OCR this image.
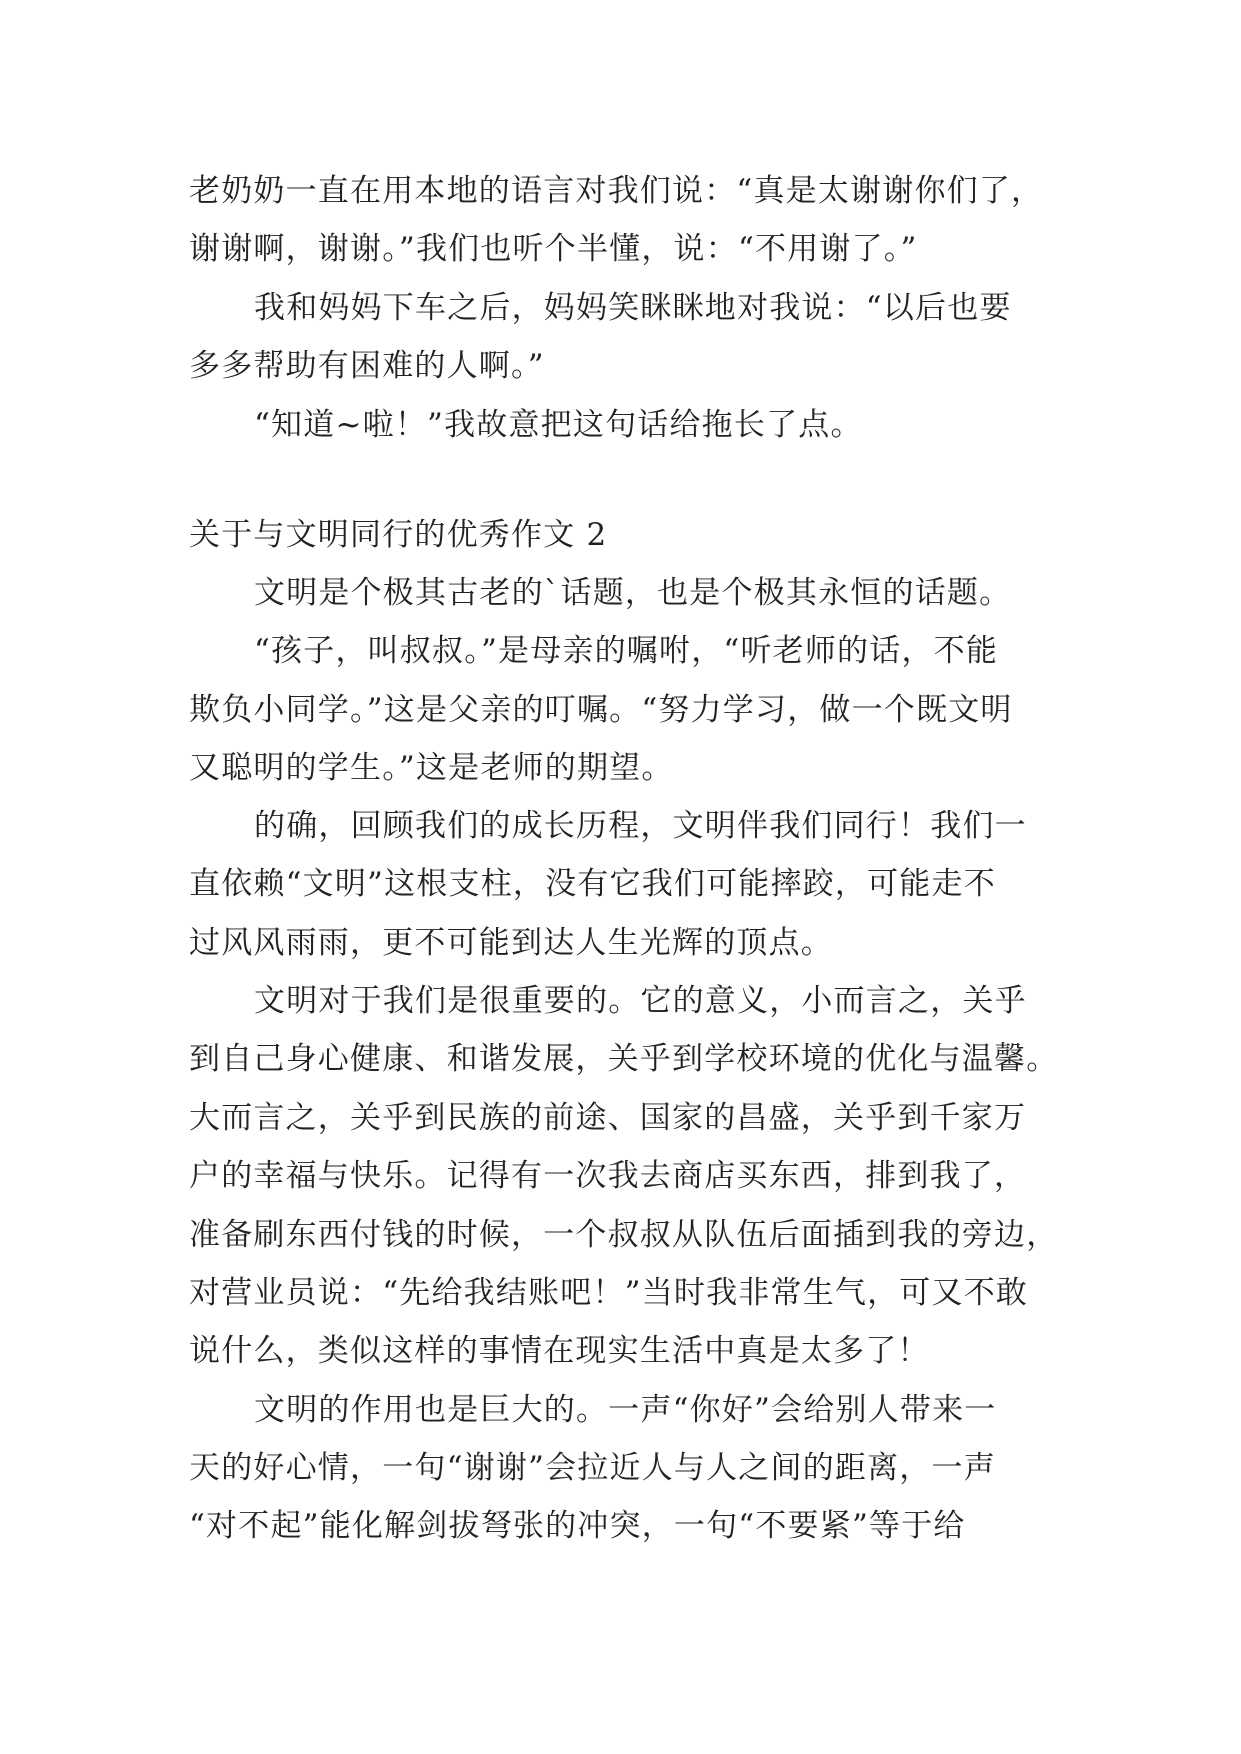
老奶奶一直在用本地的语言对我们说：“真是太谢谢你们了，
谢谢啊，谢谢。”我们也听个半懂，说：“不用谢了。”
我和妈妈下车之后，妈妈笑眯眯地对我说：“以后也要
多多帮助有困难的人啊。”
“知道~啦！”我故意把这句话给拖长了点。
关于与文明同行的优秀作文 2
文明是个极其古老的`话题，也是个极其永恒的话题。
“孩子，叫叔叔。”是母亲的嘱咐，“听老师的话，不能
欺负小同学。”这是父亲的叮嘱。“努力学习，做一个既文明
又聪明的学生。”这是老师的期望。
的确，回顾我们的成长历程，文明伴我们同行！我们一
直依赖“文明”这根支柱，没有它我们可能摔跤，可能走不
过风风雨雨，更不可能到达人生光辉的顶点。
文明对于我们是很重要的。它的意义，小而言之，关乎
到自己身心健康、和谐发展，关乎到学校环境的优化与温馨。
大而言之，关乎到民族的前途、国家的昌盛，关乎到千家万
户的幸福与快乐。记得有一次我去商店买东西，排到我了，
准备刷东西付钱的时候，一个叔叔从队伍后面插到我的旁边，
对营业员说：“先给我结账吧！”当时我非常生气，可又不敢
说什么，类似这样的事情在现实生活中真是太多了！
文明的作用也是巨大的。一声“你好”会给别人带来一
天的好心情，一句“谢谢”会拉近人与人之间的距离，一声
“对不起”能化解剑拔弩张的冲突，一句“不要紧”等于给
